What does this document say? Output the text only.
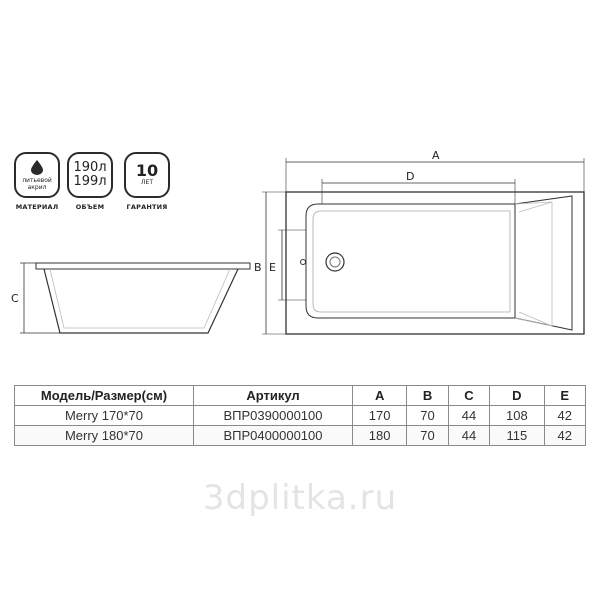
литьевой акрил
МАТЕРИАЛ
190л
199л
ОБЪЕМ
10
ЛЕТ
ГАРАНТИЯ
C
A
D
B E
Модель/Размер(см)	Артикул	A	B	C	D	E
Merry 170*70	ВПР0390000100	170	70	44	108	42
Merry 180*70	ВПР0400000100	180	70	44	115	42
3dplitka.ru
